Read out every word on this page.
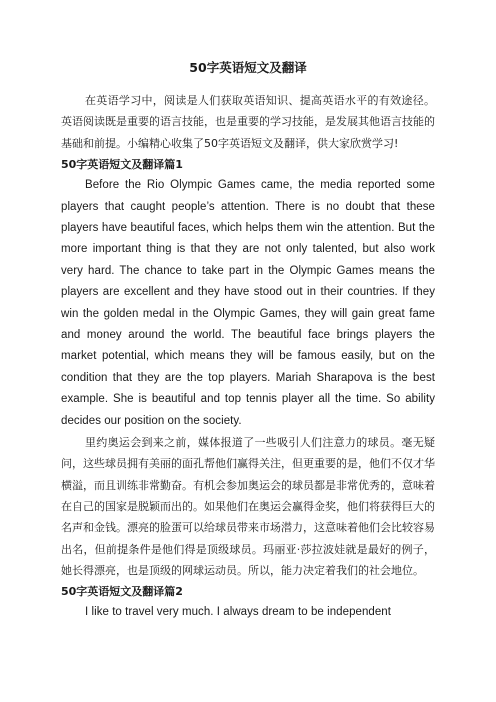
50字英语短文及翻译

在英语学习中，阅读是人们获取英语知识、提高英语水平的有效途径。英语阅读既是重要的语言技能，也是重要的学习技能，是发展其他语言技能的基础和前提。小编精心收集了50字英语短文及翻译，供大家欣赏学习!

50字英语短文及翻译篇1

Before the Rio Olympic Games came, the media reported some players that caught people’s attention. There is no doubt that these players have beautiful faces, which helps them win the attention. But the more important thing is that they are not only talented, but also work very hard. The chance to take part in the Olympic Games means the players are excellent and they have stood out in their countries. If they win the golden medal in the Olympic Games, they will gain great fame and money around the world. The beautiful face brings players the market potential, which means they will be famous easily, but on the condition that they are the top players. Mariah Sharapova is the best example. She is beautiful and top tennis player all the time. So ability decides our position on the society.

里约奥运会到来之前，媒体报道了一些吸引人们注意力的球员。毫无疑问，这些球员拥有美丽的面孔帮他们赢得关注，但更重要的是，他们不仅才华横溢，而且训练非常勤奋。有机会参加奥运会的球员都是非常优秀的，意味着在自己的国家是脱颖而出的。如果他们在奥运会赢得金奖，他们将获得巨大的名声和金钱。漂亮的脸蛋可以给球员带来市场潜力，这意味着他们会比较容易出名，但前提条件是他们得是顶级球员。玛丽亚·莎拉波娃就是最好的例子，她长得漂亮，也是顶级的网球运动员。所以，能力决定着我们的社会地位。

50字英语短文及翻译篇2

I like to travel very much. I always dream to be independent
